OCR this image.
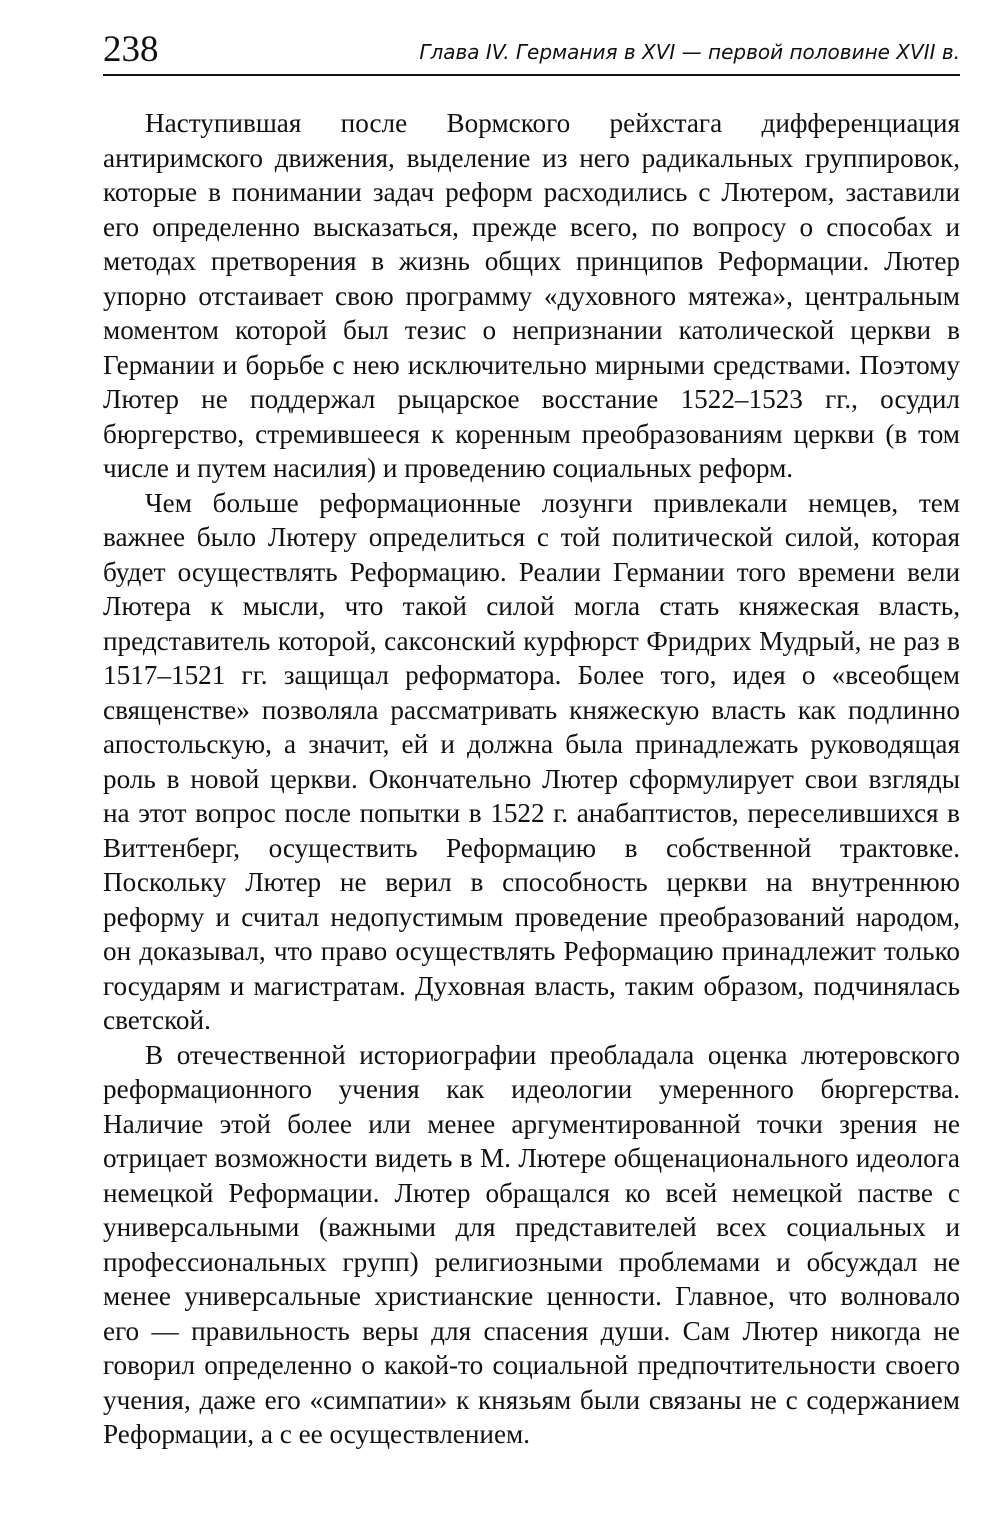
238	Глава IV. Германия в XVI — первой половине XVII в.

Наступившая после Вормского рейхстага дифференциация антиримского движения, выделение из него радикальных группировок, которые в понимании задач реформ расходились с Лютером, заставили его определенно высказаться, прежде всего, по вопросу о способах и методах претворения в жизнь общих принципов Реформации. Лютер упорно отстаивает свою программу «духовного мятежа», центральным моментом которой был тезис о непризнании католической церкви в Германии и борьбе с нею исключительно мирными средствами. Поэтому Лютер не поддержал рыцарское восстание 1522–1523 гг., осудил бюргерство, стремившееся к коренным преобразованиям церкви (в том числе и путем насилия) и проведению социальных реформ.

Чем больше реформационные лозунги привлекали немцев, тем важнее было Лютеру определиться с той политической силой, которая будет осуществлять Реформацию. Реалии Германии того времени вели Лютера к мысли, что такой силой могла стать княжеская власть, представитель которой, саксонский курфюрст Фридрих Мудрый, не раз в 1517–1521 гг. защищал реформатора. Более того, идея о «всеобщем священстве» позволяла рассматривать княжескую власть как подлинно апостольскую, а значит, ей и должна была принадлежать руководящая роль в новой церкви. Окончательно Лютер сформулирует свои взгляды на этот вопрос после попытки в 1522 г. анабаптистов, переселившихся в Виттенберг, осуществить Реформацию в собственной трактовке. Поскольку Лютер не верил в способность церкви на внутреннюю реформу и считал недопустимым проведение преобразований народом, он доказывал, что право осуществлять Реформацию принадлежит только государям и магистратам. Духовная власть, таким образом, подчинялась светской.

В отечественной историографии преобладала оценка лютеровского реформационного учения как идеологии умеренного бюргерства. Наличие этой более или менее аргументированной точки зрения не отрицает возможности видеть в М. Лютере общенационального идеолога немецкой Реформации. Лютер обращался ко всей немецкой пастве с универсальными (важными для представителей всех социальных и профессиональных групп) религиозными проблемами и обсуждал не менее универсальные христианские ценности. Главное, что волновало его — правильность веры для спасения души. Сам Лютер никогда не говорил определенно о какой-то социальной предпочтительности своего учения, даже его «симпатии» к князьям были связаны не с содержанием Реформации, а с ее осуществлением.
